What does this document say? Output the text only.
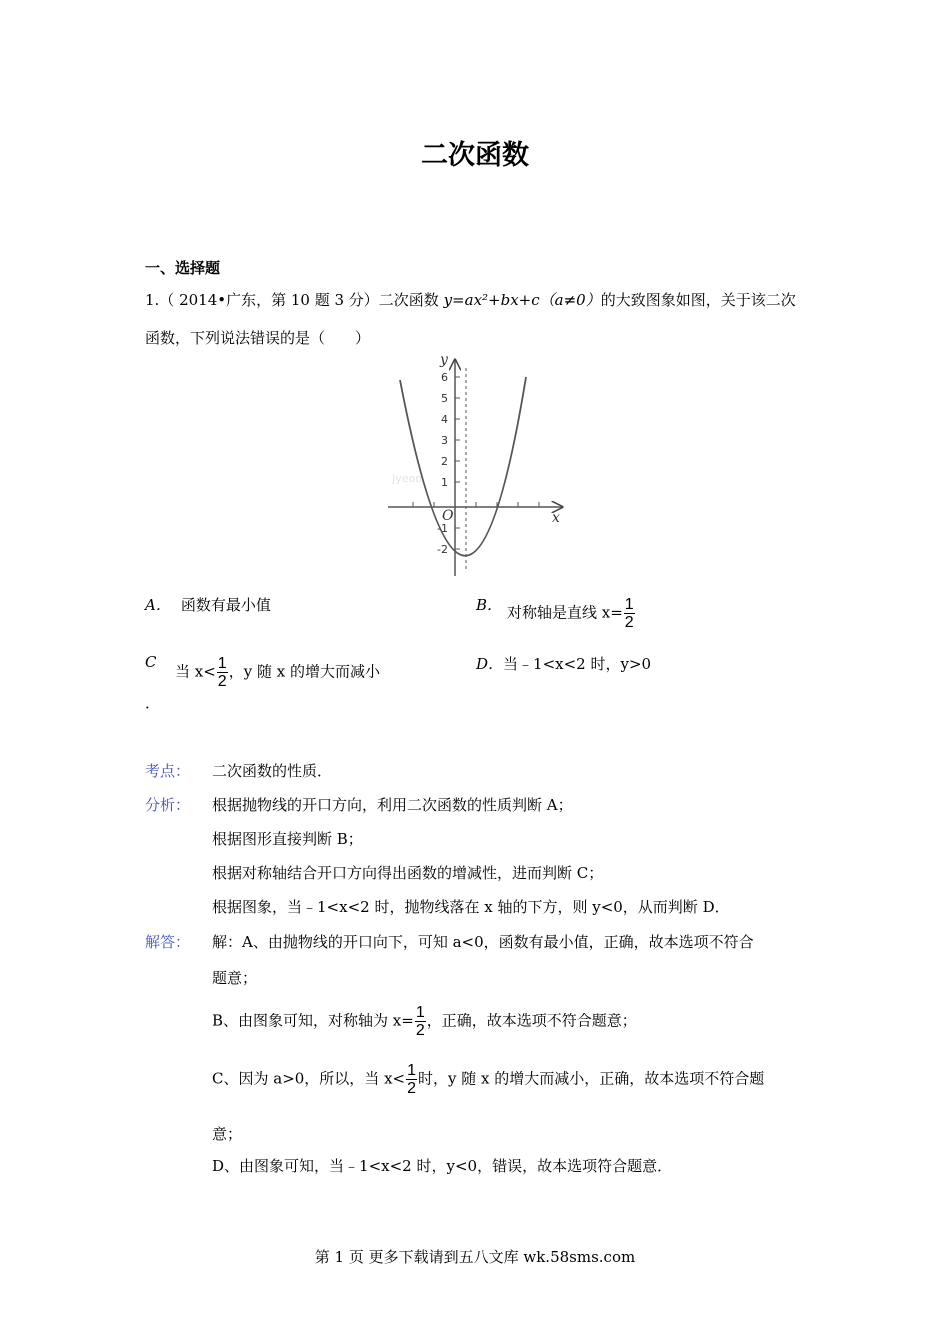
二次函数
一、选择题
1.（ 2014•广东，第 10 题 3 分）二次函数 y=ax²+bx+c（a≠0）的大致图象如图，关于该二次
函数，下列说法错误的是（　　）
6
5
4
3
2
1
-1
-2
Jyeoo
y
x
O
A． 函数有最小值	B． 对称轴是直线 $x= \frac{1}{2}$
C
．
当 $x< \frac{1}{2}$ ，y 随 x 的增大而减小	D．当﹣1<x<2 时，y>0
考点： 二次函数的性质．
分析： 根据抛物线的开口方向，利用二次函数的性质判断 A；
根据图形直接判断 B；
根据对称轴结合开口方向得出函数的增减性，进而判断 C；
根据图象，当﹣1<x<2 时，抛物线落在 x 轴的下方，则 y<0，从而判断 D．
解答： 解：A、由抛物线的开口向下，可知 a<0，函数有最小值，正确，故本选项不符合
题意；
B、由图象可知，对称轴为 $x= \frac{1}{2}$ ，正确，故本选项不符合题意；
C、因为 a>0，所以，当 $x< \frac{1}{2}$ 时，y 随 x 的增大而减小，正确，故本选项不符合题
意；
D、由图象可知，当﹣1<x<2 时，y<0，错误，故本选项符合题意．
第 1 页 更多下载请到五八文库 wk.58sms.com
